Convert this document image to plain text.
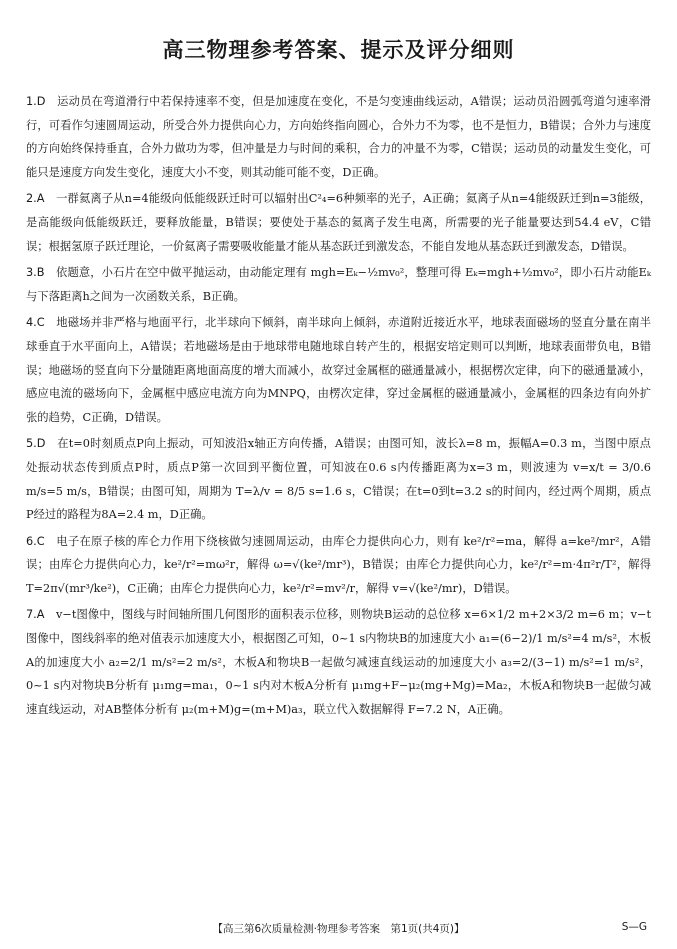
高三物理参考答案、提示及评分细则

1.D　 运动员在弯道滑行中若保持速率不变，但是加速度在变化，不是匀变速曲线运动，A错误；运动员沿圆弧弯道匀速率滑行，可看作匀速圆周运动，所受合外力提供向心力，方向始终指向圆心，合外力不为零，也不是恒力，B错误；合外力与速度的方向始终保持垂直，合外力做功为零，但冲量是力与时间的乘积，合力的冲量不为零，C错误；运动员的动量发生变化，可能只是速度方向发生变化，速度大小不变，则其动能可能不变，D正确。

2.A　 一群氦离子从n=4能级向低能级跃迁时可以辐射出C²₄=6种频率的光子，A正确；氦离子从n=4能级跃迁到n=3能级，是高能级向低能级跃迁，要释放能量，B错误；要使处于基态的氦离子发生电离，所需要的光子能量要达到54.4 eV，C错误；根据氢原子跃迁理论，一价氦离子需要吸收能量才能从基态跃迁到激发态，不能自发地从基态跃迁到激发态，D错误。

3.B　 依题意，小石片在空中做平抛运动，由动能定理有 mgh=Eₖ−½mv₀²，整理可得 Eₖ=mgh+½mv₀²，即小石片动能Eₖ与下落距离h之间为一次函数关系，B正确。

4.C　 地磁场并非严格与地面平行，北半球向下倾斜，南半球向上倾斜，赤道附近接近水平，地球表面磁场的竖直分量在南半球垂直于水平面向上，A错误；若地磁场是由于地球带电随地球自转产生的，根据安培定则可以判断，地球表面带负电，B错误；地磁场的竖直向下分量随距离地面高度的增大而减小，故穿过金属框的磁通量减小，根据楞次定律，向下的磁通量减小，感应电流的磁场向下，金属框中感应电流方向为MNPQ，由楞次定律，穿过金属框的磁通量减小，金属框的四条边有向外扩张的趋势，C正确，D错误。

5.D　 在t=0时刻质点P向上振动，可知波沿x轴正方向传播，A错误；由图可知，波长λ=8 m，振幅A=0.3 m，当图中原点处振动状态传到质点P时，质点P第一次回到平衡位置，可知波在0.6 s内传播距离为x=3 m，则波速为 v=x/t = 3/0.6 m/s=5 m/s，B错误；由图可知，周期为 T=λ/v = 8/5 s=1.6 s，C错误；在t=0到t=3.2 s的时间内，经过两个周期，质点P经过的路程为8A=2.4 m，D正确。

6.C　 电子在原子核的库仑力作用下绕核做匀速圆周运动，由库仑力提供向心力，则有 ke²/r²=ma，解得 a=ke²/mr²，A错误；由库仑力提供向心力，ke²/r²=mω²r，解得 ω=√(ke²/mr³)，B错误；由库仑力提供向心力，ke²/r²=m·4π²r/T²，解得 T=2π√(mr³/ke²)，C正确；由库仑力提供向心力，ke²/r²=mv²/r，解得 v=√(ke²/mr)，D错误。

7.A　 v−t图像中，图线与时间轴所围几何图形的面积表示位移，则物块B运动的总位移 x=6×1/2 m+2×3/2 m=6 m；v−t图像中，图线斜率的绝对值表示加速度大小，根据图乙可知，0~1 s内物块B的加速度大小 a₁=(6−2)/1 m/s²=4 m/s²，木板A的加速度大小 a₂=2/1 m/s²=2 m/s²，木板A和物块B一起做匀减速直线运动的加速度大小 a₃=2/(3−1) m/s²=1 m/s²，0~1 s内对物块B分析有 μ₁mg=ma₁，0~1 s内对木板A分析有 μ₁mg+F−μ₂(mg+Mg)=Ma₂，木板A和物块B一起做匀减速直线运动，对AB整体分析有 μ₂(m+M)g=(m+M)a₃，联立代入数据解得 F=7.2 N，A正确。

【高三第6次质量检测·物理参考答案　第1页(共4页)】	S—G
